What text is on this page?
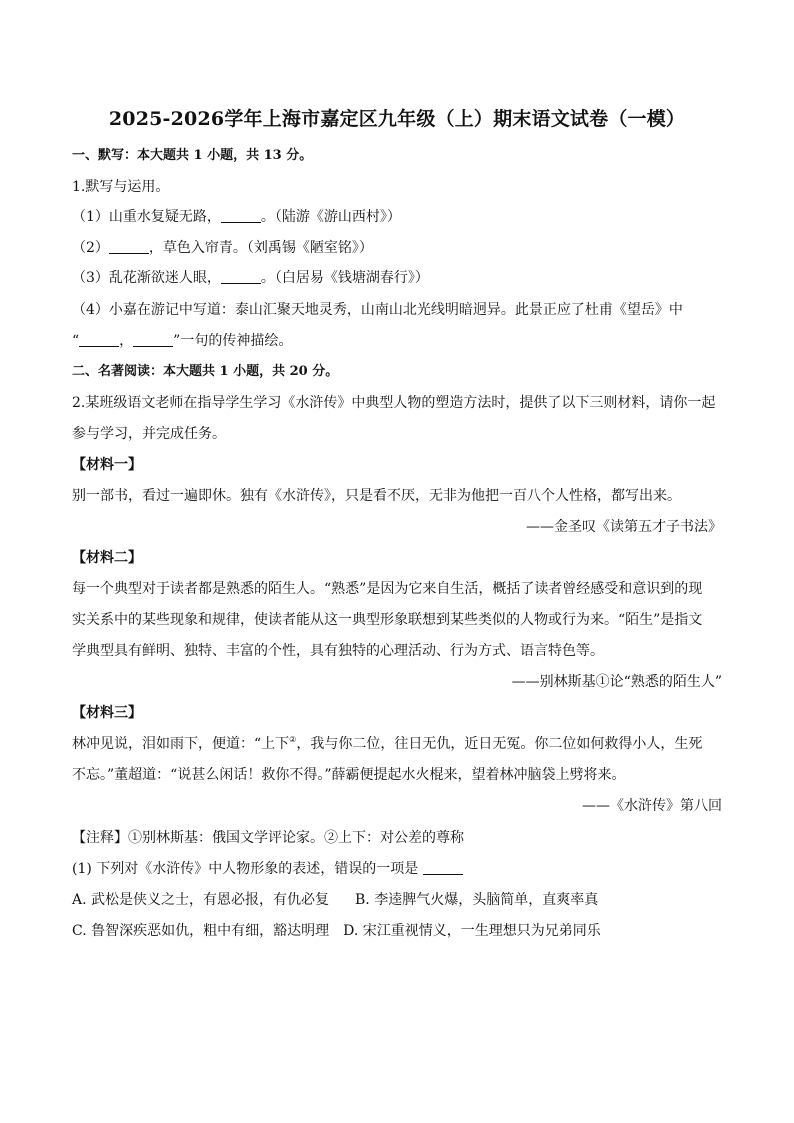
2025-2026学年上海市嘉定区九年级（上）期末语文试卷（一模）
一、默写：本大题共 1 小题，共 13 分。
1.默写与运用。
（1）山重水复疑无路，	。（陆游《游山西村》）
（2）	，草色入帘青。（刘禹锡《陋室铭》）
（3）乱花渐欲迷人眼，	。（白居易《钱塘湖春行》）
（4）小嘉在游记中写道：泰山汇聚天地灵秀，山南山北光线明暗迥异。此景正应了杜甫《望岳》中
“	，	”一句的传神描绘。
二、名著阅读：本大题共 1 小题，共 20 分。
2.某班级语文老师在指导学生学习《水浒传》中典型人物的塑造方法时，提供了以下三则材料，请你一起
参与学习，并完成任务。
【材料一】
别一部书，看过一遍即休。独有《水浒传》，只是看不厌，无非为他把一百八个人性格，都写出来。
——金圣叹《读第五才子书法》
【材料二】
每一个典型对于读者都是熟悉的陌生人。“熟悉”是因为它来自生活，概括了读者曾经感受和意识到的现
实关系中的某些现象和规律，使读者能从这一典型形象联想到某些类似的人物或行为来。“陌生”是指文
学典型具有鲜明、独特、丰富的个性，具有独特的心理活动、行为方式、语言特色等。
——别林斯基①论“熟悉的陌生人”
【材料三】
林冲见说，泪如雨下，便道：“上下②，我与你二位，往日无仇，近日无冤。你二位如何救得小人，生死
不忘。”董超道：“说甚么闲话！救你不得。”薛霸便提起水火棍来，望着林冲脑袋上劈将来。
——《水浒传》第八回
【注释】①别林斯基：俄国文学评论家。②上下：对公差的尊称
(1) 下列对《水浒传》中人物形象的表述，错误的一项是
A. 武松是侠义之士，有恩必报，有仇必复 B. 李逵脾气火爆，头脑简单，直爽率真
C. 鲁智深疾恶如仇，粗中有细，豁达明理 D. 宋江重视情义，一生理想只为兄弟同乐
